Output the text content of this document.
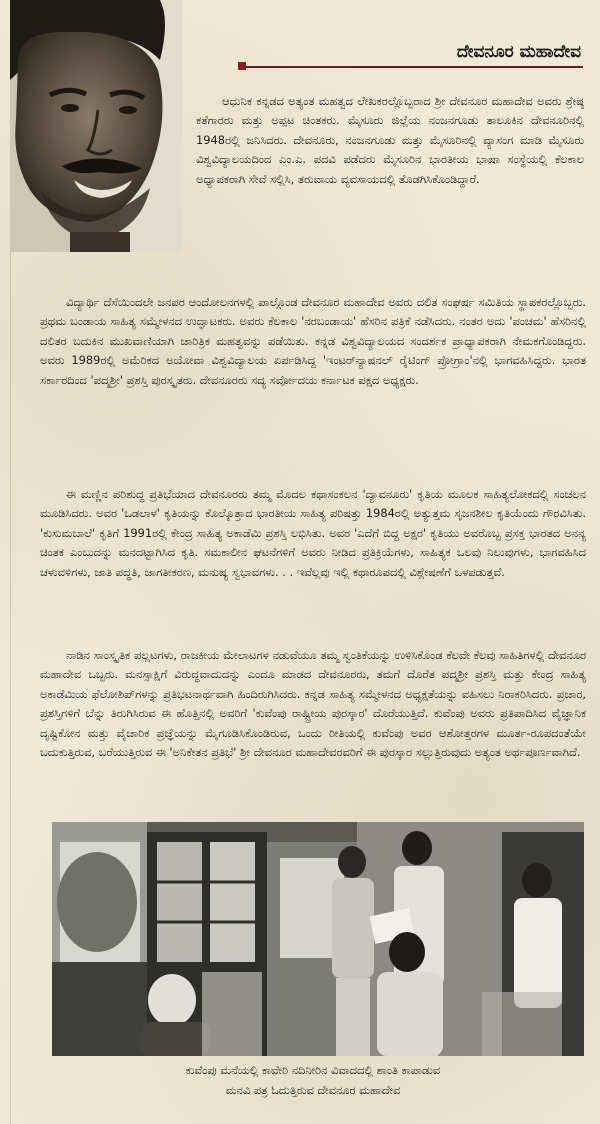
ದೇವನೂರ ಮಹಾದೇವ

ಆಧುನಿಕ ಕನ್ನಡದ ಅತ್ಯಂತ ಮಹತ್ವದ ಲೇಖಕರಲ್ಲೊಬ್ಬರಾದ ಶ್ರೀ ದೇವನೂರ ಮಹಾದೇವ ಅವರು ಶ್ರೇಷ್ಠ ಕತೆಗಾರರು ಮತ್ತು ಅಪ್ಪಟ ಚಿಂತಕರು. ಮೈಸೂರು ಜಿಲ್ಲೆಯ ನಂಜನಗೂಡು ತಾಲೂಕಿನ ದೇವನೂರಿನಲ್ಲಿ 1948ರಲ್ಲಿ ಜನಿಸಿದರು. ದೇವನೂರು, ನಂಜನಗೂಡು ಮತ್ತು ಮೈಸೂರಿನಲ್ಲಿ ವ್ಯಾಸಂಗ ಮಾಡಿ ಮೈಸೂರು ವಿಶ್ವವಿದ್ಯಾಲಯದಿಂದ ಎಂ.ಎ. ಪದವಿ ಪಡೆದರು ಮೈಸೂರಿನ ಭಾರತೀಯ ಭಾಷಾ ಸಂಸ್ಥೆಯಲ್ಲಿ ಕೆಲಕಾಲ ಅಧ್ಯಾಪಕರಾಗಿ ಸೇವೆ ಸಲ್ಲಿಸಿ, ತರುವಾಯ ವ್ಯವಸಾಯದಲ್ಲಿ ತೊಡಗಿಸಿಕೊಂಡಿದ್ದಾರೆ.

ವಿದ್ಯಾರ್ಥಿ ದೆಸೆಯಿಂದಲೇ ಜನಪರ ಆಂದೋಲನಗಳಲ್ಲಿ ಪಾಲ್ಗೊಂಡ ದೇವನೂರ ಮಹಾದೇವ ಅವರು ದಲಿತ ಸಂಘರ್ಷ ಸಮಿತಿಯ ಸ್ಥಾಪಕರಲ್ಲೊಬ್ಬರು. ಪ್ರಥಮ ಬಂಡಾಯ ಸಾಹಿತ್ಯ ಸಮ್ಮೇಳನದ ಉದ್ಘಾಟಕರು. ಅವರು ಕೆಲಕಾಲ 'ನರಬಂಡಾಯ' ಹೆಸರಿನ ಪತ್ರಿಕೆ ನಡೆಸಿದರು. ನಂತರ ಅದು 'ಪಂಚಮ' ಹೆಸರಿನಲ್ಲಿ ದಲಿತರ ಬದುಕಿನ ಮುಖವಾಣಿಯಾಗಿ ಚಾರಿತ್ರಿಕ ಮಹತ್ವವನ್ನು ಪಡೆಯಿತು. ಕನ್ನಡ ವಿಶ್ವವಿದ್ಯಾಲಯದ ಸಂದರ್ಶಕ ಪ್ರಾಧ್ಯಾಪಕರಾಗಿ ನೇಮಕಗೊಂಡಿದ್ದರು. ಅವರು 1989ರಲ್ಲಿ ಅಮೆರಿಕದ ಅಯೋವಾ ವಿಶ್ವವಿದ್ಯಾಲಯ ಏರ್ಪಡಿಸಿದ್ದ 'ಇಂಟರ್‌ನ್ಯಾಷನಲ್ ರೈಟಿಂಗ್ ಪ್ರೋಗ್ರಾಂ'ನಲ್ಲಿ ಭಾಗವಹಿಸಿದ್ದರು. ಭಾರತ ಸರ್ಕಾರದಿಂದ 'ಪದ್ಮಶ್ರೀ' ಪ್ರಶಸ್ತಿ ಪುರಸ್ಕೃತರು. ದೇವನೂರರು ಸದ್ಯ ಸರ್ವೋದಯ ಕರ್ನಾಟಕ ಪಕ್ಷದ ಅಧ್ಯಕ್ಷರು.

ಈ ಮಣ್ಣಿನ ಪರಿಶುದ್ಧ ಪ್ರತಿಭೆಯಾದ ದೇವನೂರರು ತಮ್ಮ ಮೊದಲ ಕಥಾಸಂಕಲನ 'ದ್ಯಾವನೂರು' ಕೃತಿಯ ಮೂಲಕ ಸಾಹಿತ್ಯಲೋಕದಲ್ಲಿ ಸಂಚಲನ ಮೂಡಿಸಿದರು. ಅವರ 'ಒಡಲಾಳ' ಕೃತಿಯನ್ನು ಕೊಲ್ಕೊತ್ತಾದ ಭಾರತೀಯ ಸಾಹಿತ್ಯ ಪರಿಷತ್ತು 1984ರಲ್ಲಿ ಅತ್ಯುತ್ತಮ ಸೃಜನಶೀಲ ಕೃತಿಯೆಂದು ಗೌರವಿಸಿತು. 'ಕುಸುಮಬಾಲೆ' ಕೃತಿಗೆ 1991ರಲ್ಲಿ ಕೇಂದ್ರ ಸಾಹಿತ್ಯ ಅಕಾಡೆಮಿ ಪ್ರಶಸ್ತಿ ಲಭಿಸಿತು. ಅವರ 'ಎದೆಗೆ ಬಿದ್ದ ಅಕ್ಷರ' ಕೃತಿಯು ಅವರೊಬ್ಬ ಪ್ರಸಕ್ತ ಭಾರತದ ಅನನ್ಯ ಚಿಂತಕ ಎಂಬುದನ್ನು ಮನದಟ್ಟಾಗಿಸಿದ ಕೃತಿ. ಸಮಕಾಲೀನ ಘಟನೆಗಳಿಗೆ ಅವರು ನೀಡಿದ ಪ್ರತಿಕ್ರಿಯೆಗಳು, ಸಾಹಿತ್ಯಕ ಒಲವು ನಿಲುವುಗಳು, ಭಾಗವಹಿಸಿದ ಚಳುವಳಿಗಳು, ಜಾತಿ ಪದ್ಧತಿ, ಜಾಗತೀಕರಣ, ಮನುಷ್ಯ ಸ್ವಭಾವಗಳು. . . ಇವೆಲ್ಲವು ಇಲ್ಲಿ ಕಥಾರೂಪದಲ್ಲಿ ವಿಶ್ಲೇಷಣೆಗೆ ಒಳಪಡುತ್ತವೆ.

ನಾಡಿನ ಸಾಂಸ್ಕೃತಿಕ ಪಲ್ಲಟಗಳು, ರಾಜಕೀಯ ಮೇಲಾಟಗಳ ನಡುವೆಯೂ ತಮ್ಮ ಸ್ವಂತಿಕೆಯನ್ನು ಉಳಿಸಿಕೊಂಡ ಕೆಲವೇ ಕೆಲವು ಸಾಹಿತಿಗಳಲ್ಲಿ ದೇವನೂರ ಮಹಾದೇವ ಒಬ್ಬರು. ಮನಸ್ಸಾಕ್ಷಿಗೆ ವಿರುದ್ಧವಾದುದನ್ನು ಎಂದೂ ಮಾಡದ ದೇವನೂರರು, ತಮಗೆ ದೊರೆತ ಪದ್ಮಶ್ರೀ ಪ್ರಶಸ್ತಿ ಮತ್ತು ಕೇಂದ್ರ ಸಾಹಿತ್ಯ ಅಕಾಡೆಮಿಯ ಫೆಲೋಶಿಪ್‌ಗಳನ್ನು ಪ್ರತಿಭಟನಾರ್ಥವಾಗಿ ಹಿಂದಿರುಗಿಸಿದರು. ಕನ್ನಡ ಸಾಹಿತ್ಯ ಸಮ್ಮೇಳನದ ಅಧ್ಯಕ್ಷತೆಯನ್ನು ವಹಿಸಲು ನಿರಾಕರಿಸಿದರು. ಪ್ರಚಾರ, ಪ್ರಶಸ್ತಿಗಳಿಗೆ ಬೆನ್ನು ತಿರುಗಿಸಿರುವ ಈ ಹೊತ್ತಿನಲ್ಲಿ ಅವರಿಗೆ 'ಕುವೆಂಪು ರಾಷ್ಟ್ರೀಯ ಪುರಸ್ಕಾರ' ದೊರೆಯುತ್ತಿದೆ. ಕುವೆಂಪು ಅವರು ಪ್ರತಿಪಾದಿಸಿದ ವೈಜ್ಞಾನಿಕ ದೃಷ್ಟಿಕೋನ ಮತ್ತು ವೈಚಾರಿಕ ಪ್ರಜ್ಞೆಯನ್ನು ಮೈಗೂಡಿಸಿಕೊಂಡಿರುವ, ಒಂದು ರೀತಿಯಲ್ಲಿ ಕುವೆಂಪು ಅವರ ಆಶೋತ್ತರಗಳ ಮೂರ್ತ-ರೂಪದಂತೆಯೇ ಬದುಕುತ್ತಿರುವ, ಬರೆಯುತ್ತಿರುವ ಈ 'ಅನಿಕೇತನ ಪ್ರತಿಭೆ' ಶ್ರೀ ದೇವನೂರ ಮಹಾದೇವರವರಿಗೆ ಈ ಪುರಸ್ಕಾರ ಸಲ್ಲುತ್ತಿರುವುದು ಅತ್ಯಂತ ಅರ್ಥಪೂರ್ಣವಾಗಿದೆ.

ಕುವೆಂಪು ಮನೆಯಲ್ಲಿ ಕಾವೇರಿ ನದಿನೀರಿನ ವಿವಾದದಲ್ಲಿ ಶಾಂತಿ ಕಾಪಾಡುವ
ಮನವಿ ಪತ್ರ ಓದುತ್ತಿರುವ ದೇವನೂರ ಮಹಾದೇವ
